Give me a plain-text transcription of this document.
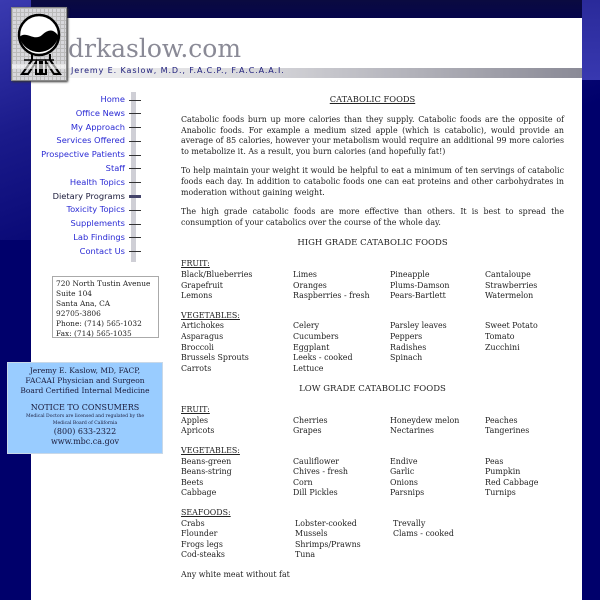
drkaslow.com
Jeremy E. Kaslow, M.D., F.A.C.P., F.A.C.A.A.I.
Home
Office News
My Approach
Services Offered
Prospective Patients
Staff
Health Topics
Dietary Programs
Toxicity Topics
Supplements
Lab Findings
Contact Us
720 North Tustin Avenue
Suite 104
Santa Ana, CA
92705-3806
Phone: (714) 565-1032
Fax: (714) 565-1035
Jeremy E. Kaslow, MD, FACP,
FACAAI Physician and Surgeon
Board Certified Internal Medicine
NOTICE TO CONSUMERS
Medical Doctors are licensed and regulated by the
Medical Board of California
(800) 633-2322
www.mbc.ca.gov
CATABOLIC FOODS

Catabolic foods burn up more calories than they supply. Catabolic foods are the opposite of Anabolic foods. For example a medium sized apple (which is catabolic), would provide an average of 85 calories, however your metabolism would require an additional 99 more calories to metabolize it. As a result, you burn calories (and hopefully fat!)

To help maintain your weight it would be helpful to eat a minimum of ten servings of catabolic foods each day. In addition to catabolic foods one can eat proteins and other carbohydrates in moderation without gaining weight.

The high grade catabolic foods are more effective than others. It is best to spread the consumption of your catabolics over the course of the whole day.

HIGH GRADE CATABOLIC FOODS
FRUIT:
Black/Blueberries	Limes	Pineapple	Cantaloupe
Grapefruit	Oranges	Plums-Damson	Strawberries
Lemons	Raspberries - fresh	Pears-Bartlett	Watermelon
VEGETABLES:
Artichokes	Celery	Parsley leaves	Sweet Potato
Asparagus	Cucumbers	Peppers	Tomato
Broccoli	Eggplant	Radishes	Zucchini
Brussels Sprouts	Leeks - cooked	Spinach
Carrots	Lettuce
LOW GRADE CATABOLIC FOODS
FRUIT:
Apples	Cherries	Honeydew melon	Peaches
Apricots	Grapes	Nectarines	Tangerines
VEGETABLES:
Beans-green	Cauliflower	Endive	Peas
Beans-string	Chives - fresh	Garlic	Pumpkin
Beets	Corn	Onions	Red Cabbage
Cabbage	Dill Pickles	Parsnips	Turnips
SEAFOODS:
Crabs	Lobster-cooked	Trevally
Flounder	Mussels	Clams - cooked
Frogs legs	Shrimps/Prawns
Cod-steaks	Tuna
Any white meat without fat
